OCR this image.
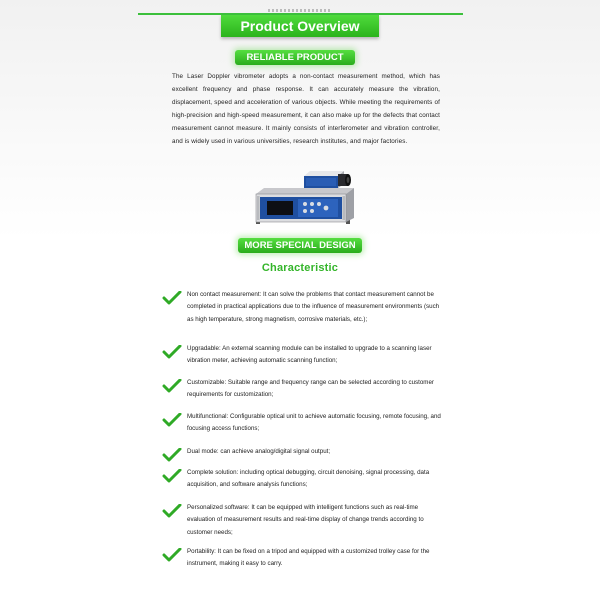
Product Overview
RELIABLE PRODUCT

The Laser Doppler vibrometer adopts a non-contact measurement method, which has excellent frequency and phase response. It can accurately measure the vibration, displacement, speed and acceleration of various objects. While meeting the requirements of high-precision and high-speed measurement, it can also make up for the defects that contact measurement cannot measure. It mainly consists of interferometer and vibration controller, and is widely used in various universities, research institutes, and major factories.

MORE SPECIAL DESIGN
Characteristic

Non contact measurement: It can solve the problems that contact measurement cannot be completed in practical applications due to the influence of measurement environments (such as high temperature, strong magnetism, corrosive materials, etc.);

Upgradable: An external scanning module can be installed to upgrade to a scanning laser vibration meter, achieving automatic scanning function;

Customizable: Suitable range and frequency range can be selected according to customer requirements for customization;

Multifunctional: Configurable optical unit to achieve automatic focusing, remote focusing, and focusing access functions;

Dual mode: can achieve analog/digital signal output;

Complete solution: including optical debugging, circuit denoising, signal processing, data acquisition, and software analysis functions;

Personalized software: It can be equipped with intelligent functions such as real-time evaluation of measurement results and real-time display of change trends according to customer needs;

Portability: It can be fixed on a tripod and equipped with a customized trolley case for the instrument, making it easy to carry.
